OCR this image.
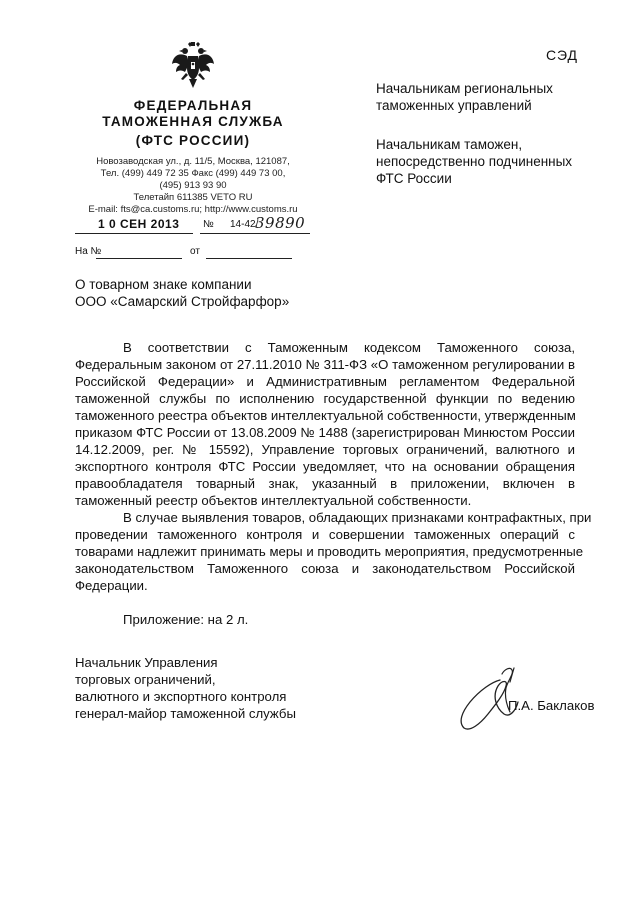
ФЕДЕРАЛЬНАЯ
ТАМОЖЕННАЯ СЛУЖБА
(ФТС РОССИИ)
Новозаводская ул., д. 11/5, Москва, 121087,
Тел. (499) 449 72 35 Факс (499) 449 73 00,
(495) 913 93 90
Телетайп 611385 VETO RU
E-mail: fts@ca.customs.ru; http://www.customs.ru
1 0 СЕН 2013	№ 14-42/
39890
На №	от
СЭД
Начальникам региональных
таможенных управлений
Начальникам таможен,
непосредственно подчиненных
ФТС России
О товарном знаке компании
ООО «Самарский Стройфарфор»
В соответствии с Таможенным кодексом Таможенного союза,
Федеральным законом от 27.11.2010 № 311-ФЗ «О таможенном регулировании в
Российской Федерации» и Административным регламентом Федеральной
таможенной службы по исполнению государственной функции по ведению
таможенного реестра объектов интеллектуальной собственности, утвержденным
приказом ФТС России от 13.08.2009 № 1488 (зарегистрирован Минюстом России
14.12.2009, рег. № 15592), Управление торговых ограничений, валютного и
экспортного контроля ФТС России уведомляет, что на основании обращения
правообладателя товарный знак, указанный в приложении, включен в
таможенный реестр объектов интеллектуальной собственности.
В случае выявления товаров, обладающих признаками контрафактных, при
проведении таможенного контроля и совершении таможенных операций с
товарами надлежит принимать меры и проводить мероприятия, предусмотренные
законодательством Таможенного союза и законодательством Российской
Федерации.
Приложение: на 2 л.
Начальник Управления
торговых ограничений,
валютного и экспортного контроля
генерал-майор таможенной службы
П.А. Баклаков
